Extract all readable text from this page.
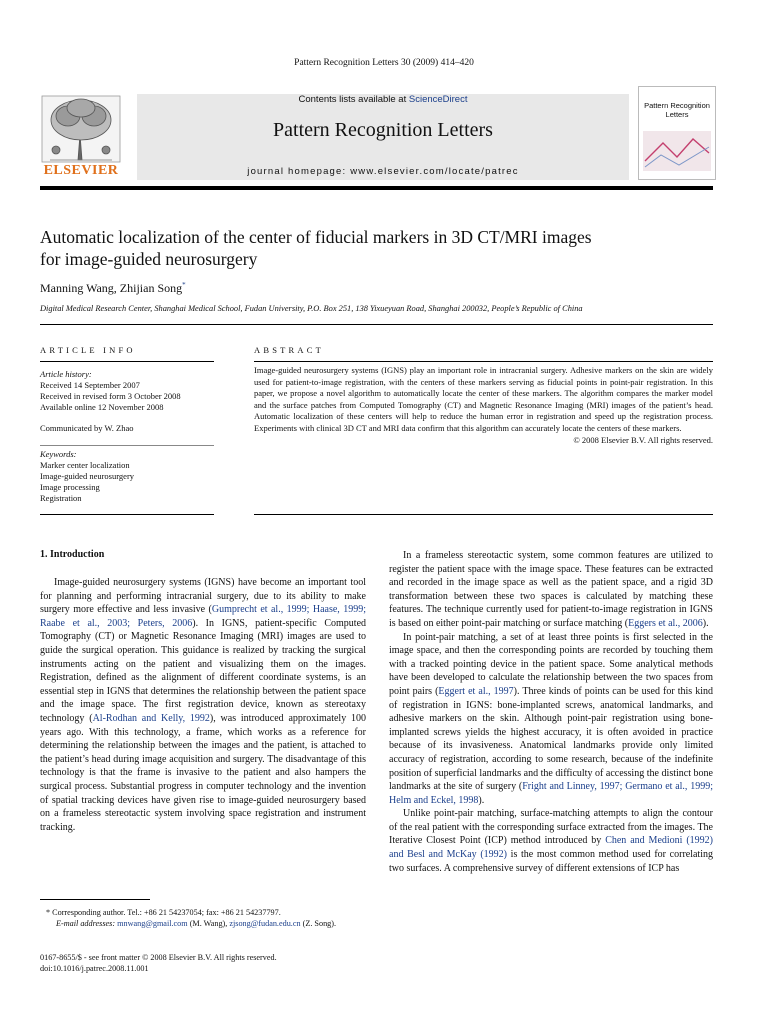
Pattern Recognition Letters 30 (2009) 414–420
ELSEVIER
Contents lists available at ScienceDirect
Pattern Recognition Letters
journal homepage: www.elsevier.com/locate/patrec
Pattern Recognition Letters
Automatic localization of the center of fiducial markers in 3D CT/MRI images
for image-guided neurosurgery
Manning Wang, Zhijian Song*
Digital Medical Research Center, Shanghai Medical School, Fudan University, P.O. Box 251, 138 Yixueyuan Road, Shanghai 200032, People’s Republic of China
ARTICLE INFO
Article history:
Received 14 September 2007
Received in revised form 3 October 2008
Available online 12 November 2008
Communicated by W. Zhao
Keywords:
Marker center localization
Image-guided neurosurgery
Image processing
Registration
ABSTRACT
Image-guided neurosurgery systems (IGNS) play an important role in intracranial surgery. Adhesive markers on the skin are widely used for patient-to-image registration, with the centers of these markers serving as fiducial points in point-pair registration. In this paper, we propose a novel algorithm to automatically locate the center of these markers. The algorithm compares the marker model and the surface patches from Computed Tomography (CT) and Magnetic Resonance Imaging (MRI) images of the patient’s head. Automatic localization of these centers will help to reduce the human error in registration and speed up the registration process. Experiments with clinical 3D CT and MRI data confirm that this algorithm can accurately locate the centers of these markers.
© 2008 Elsevier B.V. All rights reserved.
1. Introduction

Image-guided neurosurgery systems (IGNS) have become an important tool for planning and performing intracranial surgery, due to its ability to make surgery more effective and less invasive (Gumprecht et al., 1999; Haase, 1999; Raabe et al., 2003; Peters, 2006). In IGNS, patient-specific Computed Tomography (CT) or Magnetic Resonance Imaging (MRI) images are used to guide the surgical operation. This guidance is realized by tracking the surgical instruments acting on the patient and visualizing them on the images. Registration, defined as the alignment of different coordinate systems, is an essential step in IGNS that determines the relationship between the patient space and the image space. The first registration device, known as stereotaxy technology (Al-Rodhan and Kelly, 1992), was introduced approximately 100 years ago. With this technology, a frame, which works as a reference for determining the relationship between the images and the patient, is attached to the patient’s head during image acquisition and surgery. The disadvantage of this technology is that the frame is invasive to the patient and also hampers the surgical process. Substantial progress in computer technology and the invention of spatial tracking devices have given rise to image-guided neurosurgery based on a frameless stereotactic system involving space registration and instrument tracking.

In a frameless stereotactic system, some common features are utilized to register the patient space with the image space. These features can be extracted and recorded in the image space as well as the patient space, and a rigid 3D transformation between these two spaces is calculated by matching these features. The technique currently used for patient-to-image registration in IGNS is based on either point-pair matching or surface matching (Eggers et al., 2006).

In point-pair matching, a set of at least three points is first selected in the image space, and then the corresponding points are recorded by touching them with a tracked pointing device in the patient space. Some analytical methods have been developed to calculate the relationship between the two spaces from point pairs (Eggert et al., 1997). Three kinds of points can be used for this kind of registration in IGNS: bone-implanted screws, anatomical landmarks, and adhesive markers on the skin. Although point-pair registration using bone-implanted screws yields the highest accuracy, it is often avoided in practice because of its invasiveness. Anatomical landmarks provide only limited accuracy of registration, according to some research, because of the indefinite position of superficial landmarks and the difficulty of accessing the distinct bone landmarks at the site of surgery (Fright and Linney, 1997; Germano et al., 1999; Helm and Eckel, 1998).

Unlike point-pair matching, surface-matching attempts to align the contour of the real patient with the corresponding surface extracted from the images. The Iterative Closest Point (ICP) method introduced by Chen and Medioni (1992) and Besl and McKay (1992) is the most common method used for correlating two surfaces. A comprehensive survey of different extensions of ICP has

* Corresponding author. Tel.: +86 21 54237054; fax: +86 21 54237797.
E-mail addresses: mnwang@gmail.com (M. Wang), zjsong@fudan.edu.cn (Z. Song).
0167-8655/$ - see front matter © 2008 Elsevier B.V. All rights reserved.
doi:10.1016/j.patrec.2008.11.001
